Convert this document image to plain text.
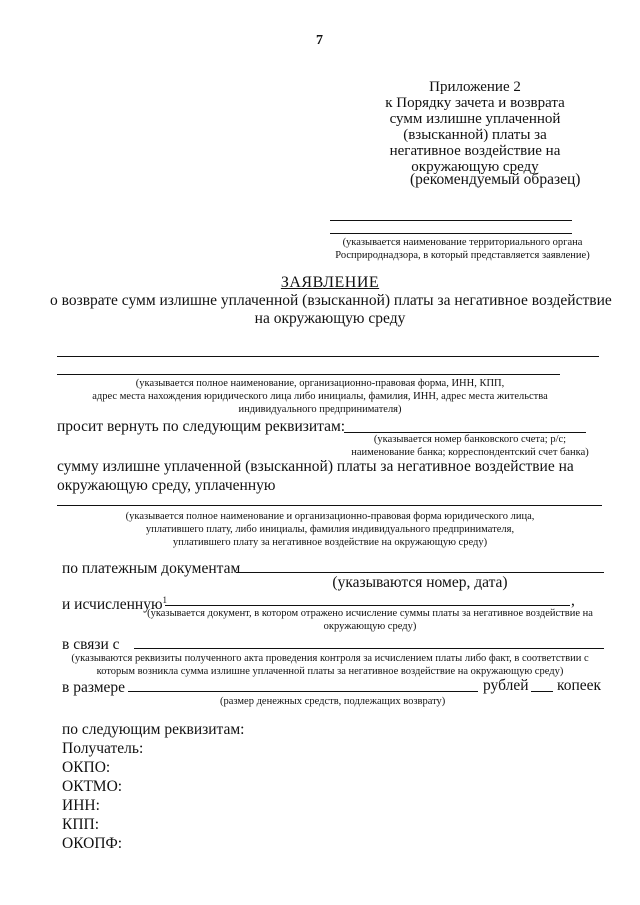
7
Приложение 2
к Порядку зачета и возврата
сумм излишне уплаченной
(взысканной) платы за
негативное воздействие на
окружающую среду
(рекомендуемый образец)
(указывается наименование территориального органа
Росприроднадзора, в который представляется заявление)
ЗАЯВЛЕНИЕ
о возврате сумм излишне уплаченной (взысканной) платы за негативное воздействие
на окружающую среду
(указывается полное наименование, организационно-правовая форма, ИНН, КПП,
адрес места нахождения юридического лица либо инициалы, фамилия, ИНН, адрес места жительства
индивидуального предпринимателя)
просит вернуть по следующим реквизитам:
(указывается номер банковского счета; р/с;
наименование банка; корреспондентский счет банка)
сумму излишне уплаченной (взысканной) платы за негативное воздействие на
окружающую среду, уплаченную
(указывается полное наименование и организационно-правовая форма юридического лица,
уплатившего плату, либо инициалы, фамилия индивидуального предпринимателя,
уплатившего плату за негативное воздействие на окружающую среду)
по платежным документам
(указываются номер, дата)
и исчисленную$^1$	,
(указывается документ, в котором отражено исчисление суммы платы за негативное воздействие на
окружающую среду)
в связи с
(указываются реквизиты полученного акта проведения контроля за исчислением платы либо факт, в соответствии с
которым возникла сумма излишне уплаченной платы за негативное воздействие на окружающую среду)
в размере	рублей копеек
(размер денежных средств, подлежащих возврату)
по следующим реквизитам:
Получатель:
ОКПО:
ОКТМО:
ИНН:
КПП:
ОКОПФ:
